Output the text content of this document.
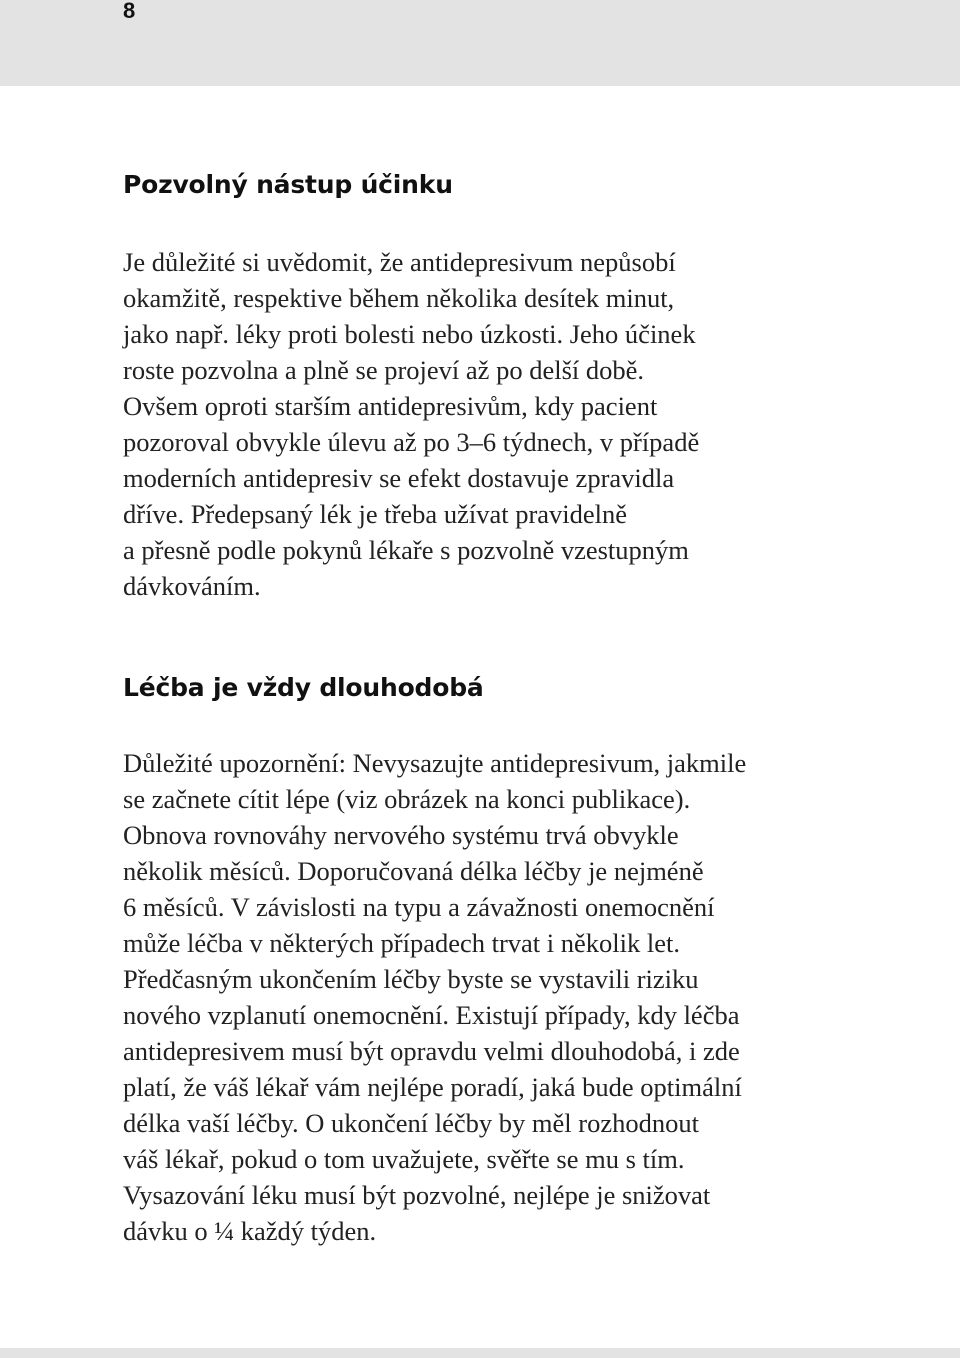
8
Pozvolný nástup účinku
Je důležité si uvědomit, že antidepresivum nepůsobí
okamžitě, respektive během několika desítek minut,
jako např. léky proti bolesti nebo úzkosti. Jeho účinek
roste pozvolna a plně se projeví až po delší době.
Ovšem oproti starším antidepresivům, kdy pacient
pozoroval obvykle úlevu až po 3–6 týdnech, v případě
moderních antidepresiv se efekt dostavuje zpravidla
dříve. Předepsaný lék je třeba užívat pravidelně
a přesně podle pokynů lékaře s pozvolně vzestupným
dávkováním.
Léčba je vždy dlouhodobá
Důležité upozornění: Nevysazujte antidepresivum, jakmile
se začnete cítit lépe (viz obrázek na konci publikace).
Obnova rovnováhy nervového systému trvá obvykle
několik měsíců. Doporučovaná délka léčby je nejméně
6 měsíců. V závislosti na typu a závažnosti onemocnění
může léčba v některých případech trvat i několik let.
Předčasným ukončením léčby byste se vystavili riziku
nového vzplanutí onemocnění. Existují případy, kdy léčba
antidepresivem musí být opravdu velmi dlouhodobá, i zde
platí, že váš lékař vám nejlépe poradí, jaká bude optimální
délka vaší léčby. O ukončení léčby by měl rozhodnout
váš lékař, pokud o tom uvažujete, svěřte se mu s tím.
Vysazování léku musí být pozvolné, nejlépe je snižovat
dávku o ¼ každý týden.
